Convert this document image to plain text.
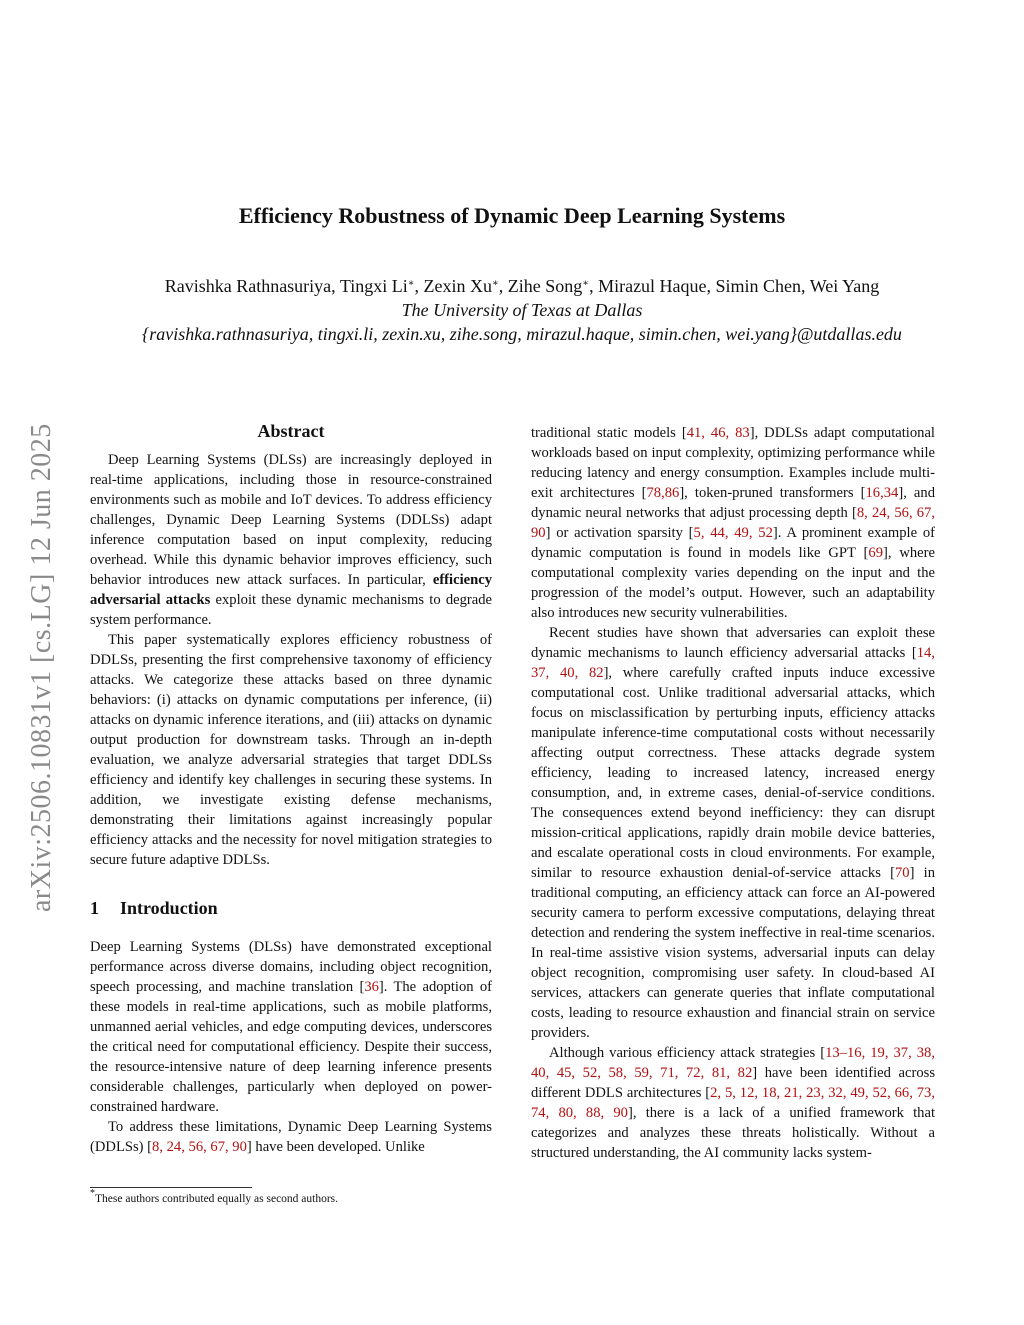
arXiv:2506.10831v1 [cs.LG] 12 Jun 2025
Efficiency Robustness of Dynamic Deep Learning Systems
Ravishka Rathnasuriya, Tingxi Li∗, Zexin Xu∗, Zihe Song∗, Mirazul Haque, Simin Chen, Wei Yang
The University of Texas at Dallas
{ravishka.rathnasuriya, tingxi.li, zexin.xu, zihe.song, mirazul.haque, simin.chen, wei.yang}@utdallas.edu
Abstract

Deep Learning Systems (DLSs) are increasingly deployed in real-time applications, including those in resource-constrained environments such as mobile and IoT devices. To address efficiency challenges, Dynamic Deep Learning Systems (DDLSs) adapt inference computation based on input complexity, reducing overhead. While this dynamic behavior improves efficiency, such behavior introduces new attack surfaces. In particular, efficiency adversarial attacks exploit these dynamic mechanisms to degrade system performance.

This paper systematically explores efficiency robustness of DDLSs, presenting the first comprehensive taxonomy of efficiency attacks. We categorize these attacks based on three dynamic behaviors: (i) attacks on dynamic computations per inference, (ii) attacks on dynamic inference iterations, and (iii) attacks on dynamic output production for downstream tasks. Through an in-depth evaluation, we analyze adversarial strategies that target DDLSs efficiency and identify key challenges in securing these systems. In addition, we investigate existing defense mechanisms, demonstrating their limitations against increasingly popular efficiency attacks and the necessity for novel mitigation strategies to secure future adaptive DDLSs.

1 Introduction

Deep Learning Systems (DLSs) have demonstrated exceptional performance across diverse domains, including object recognition, speech processing, and machine translation [36]. The adoption of these models in real-time applications, such as mobile platforms, unmanned aerial vehicles, and edge computing devices, underscores the critical need for computational efficiency. Despite their success, the resource-intensive nature of deep learning inference presents considerable challenges, particularly when deployed on power-constrained hardware.

To address these limitations, Dynamic Deep Learning Systems (DDLSs) [8, 24, 56, 67, 90] have been developed. Unlike

traditional static models [41, 46, 83], DDLSs adapt computational workloads based on input complexity, optimizing performance while reducing latency and energy consumption. Examples include multi-exit architectures [78,86], token-pruned transformers [16,34], and dynamic neural networks that adjust processing depth [8, 24, 56, 67, 90] or activation sparsity [5, 44, 49, 52]. A prominent example of dynamic computation is found in models like GPT [69], where computational complexity varies depending on the input and the progression of the model’s output. However, such an adaptability also introduces new security vulnerabilities.

Recent studies have shown that adversaries can exploit these dynamic mechanisms to launch efficiency adversarial attacks [14, 37, 40, 82], where carefully crafted inputs induce excessive computational cost. Unlike traditional adversarial attacks, which focus on misclassification by perturbing inputs, efficiency attacks manipulate inference-time computational costs without necessarily affecting output correctness. These attacks degrade system efficiency, leading to increased latency, increased energy consumption, and, in extreme cases, denial-of-service conditions. The consequences extend beyond inefficiency: they can disrupt mission-critical applications, rapidly drain mobile device batteries, and escalate operational costs in cloud environments. For example, similar to resource exhaustion denial-of-service attacks [70] in traditional computing, an efficiency attack can force an AI-powered security camera to perform excessive computations, delaying threat detection and rendering the system ineffective in real-time scenarios. In real-time assistive vision systems, adversarial inputs can delay object recognition, compromising user safety. In cloud-based AI services, attackers can generate queries that inflate computational costs, leading to resource exhaustion and financial strain on service providers.

Although various efficiency attack strategies [13–16, 19, 37, 38, 40, 45, 52, 58, 59, 71, 72, 81, 82] have been identified across different DDLS architectures [2, 5, 12, 18, 21, 23, 32, 49, 52, 66, 73, 74, 80, 88, 90], there is a lack of a unified framework that categorizes and analyzes these threats holistically. Without a structured understanding, the AI community lacks system-

*These authors contributed equally as second authors.
